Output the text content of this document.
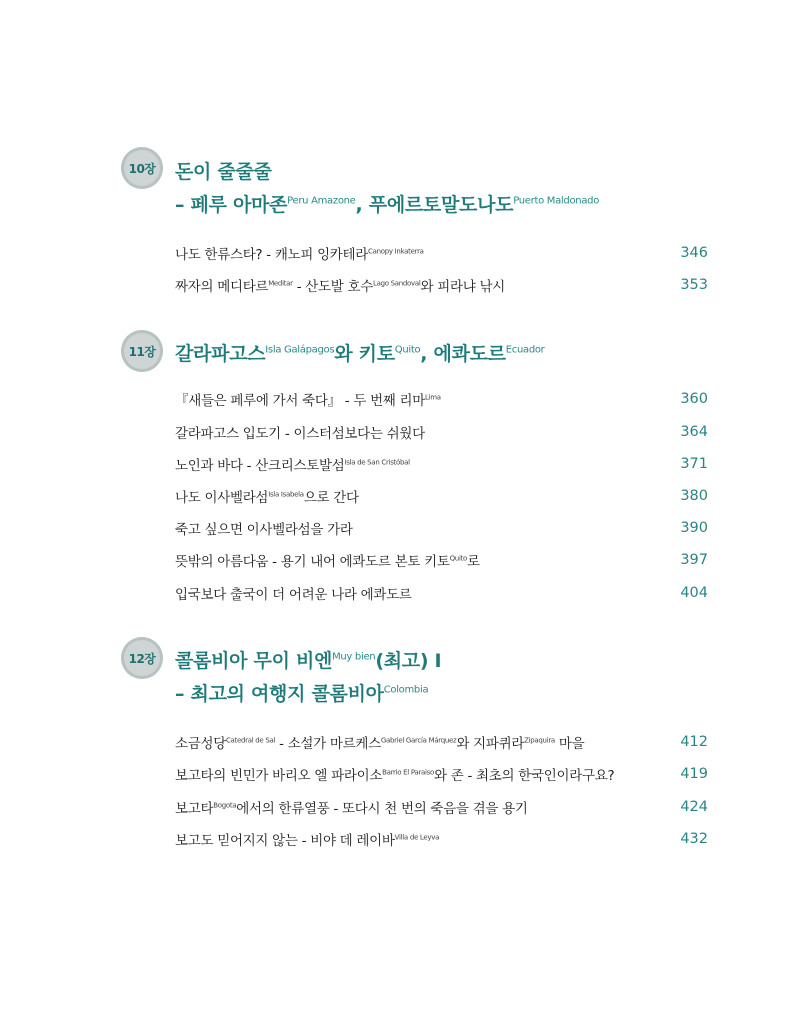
10장 돈이 줄줄줄
– 페루 아마존$^{Peru Amazone}$, 푸에르토말도나도$^{Puerto Maldonado}$
나도 한류스타? - 캐노피 잉카테라$^{Canopy Inkaterra}$	346
짜자의 메디타르$^{Meditar}$ - 산도발 호수$^{Lago Sandoval}$와 피라냐 낚시	353
11장 갈라파고스$^{Isla Galápagos}$와 키토$^{Quito}$, 에콰도르$^{Ecuador}$
『새들은 페루에 가서 죽다』 - 두 번째 리마$^{Lima}$	360
갈라파고스 입도기 - 이스터섬보다는 쉬웠다	364
노인과 바다 - 산크리스토발섬$^{Isla de San Cristóbal}$	371
나도 이사벨라섬$^{Isla Isabela}$으로 간다	380
죽고 싶으면 이사벨라섬을 가라	390
뜻밖의 아름다움 - 용기 내어 에콰도르 본토 키토$^{Quito}$로	397
입국보다 출국이 더 어려운 나라 에콰도르	404
12장 콜롬비아 무이 비엔$^{Muy bien}$(최고) I
– 최고의 여행지 콜롬비아$^{Colombia}$
소금성당$^{Catedral de Sal}$ - 소설가 마르케스$^{Gabriel García Márquez}$와 지파퀴라$^{Zipaquira}$ 마을	412
보고타의 빈민가 바리오 엘 파라이소$^{Barrio El Paraiso}$와 존 - 최초의 한국인이라구요?	419
보고타$^{Bogota}$에서의 한류열풍 - 또다시 천 번의 죽음을 겪을 용기	424
보고도 믿어지지 않는 - 비야 데 레이바$^{Villa de Leyva}$	432
